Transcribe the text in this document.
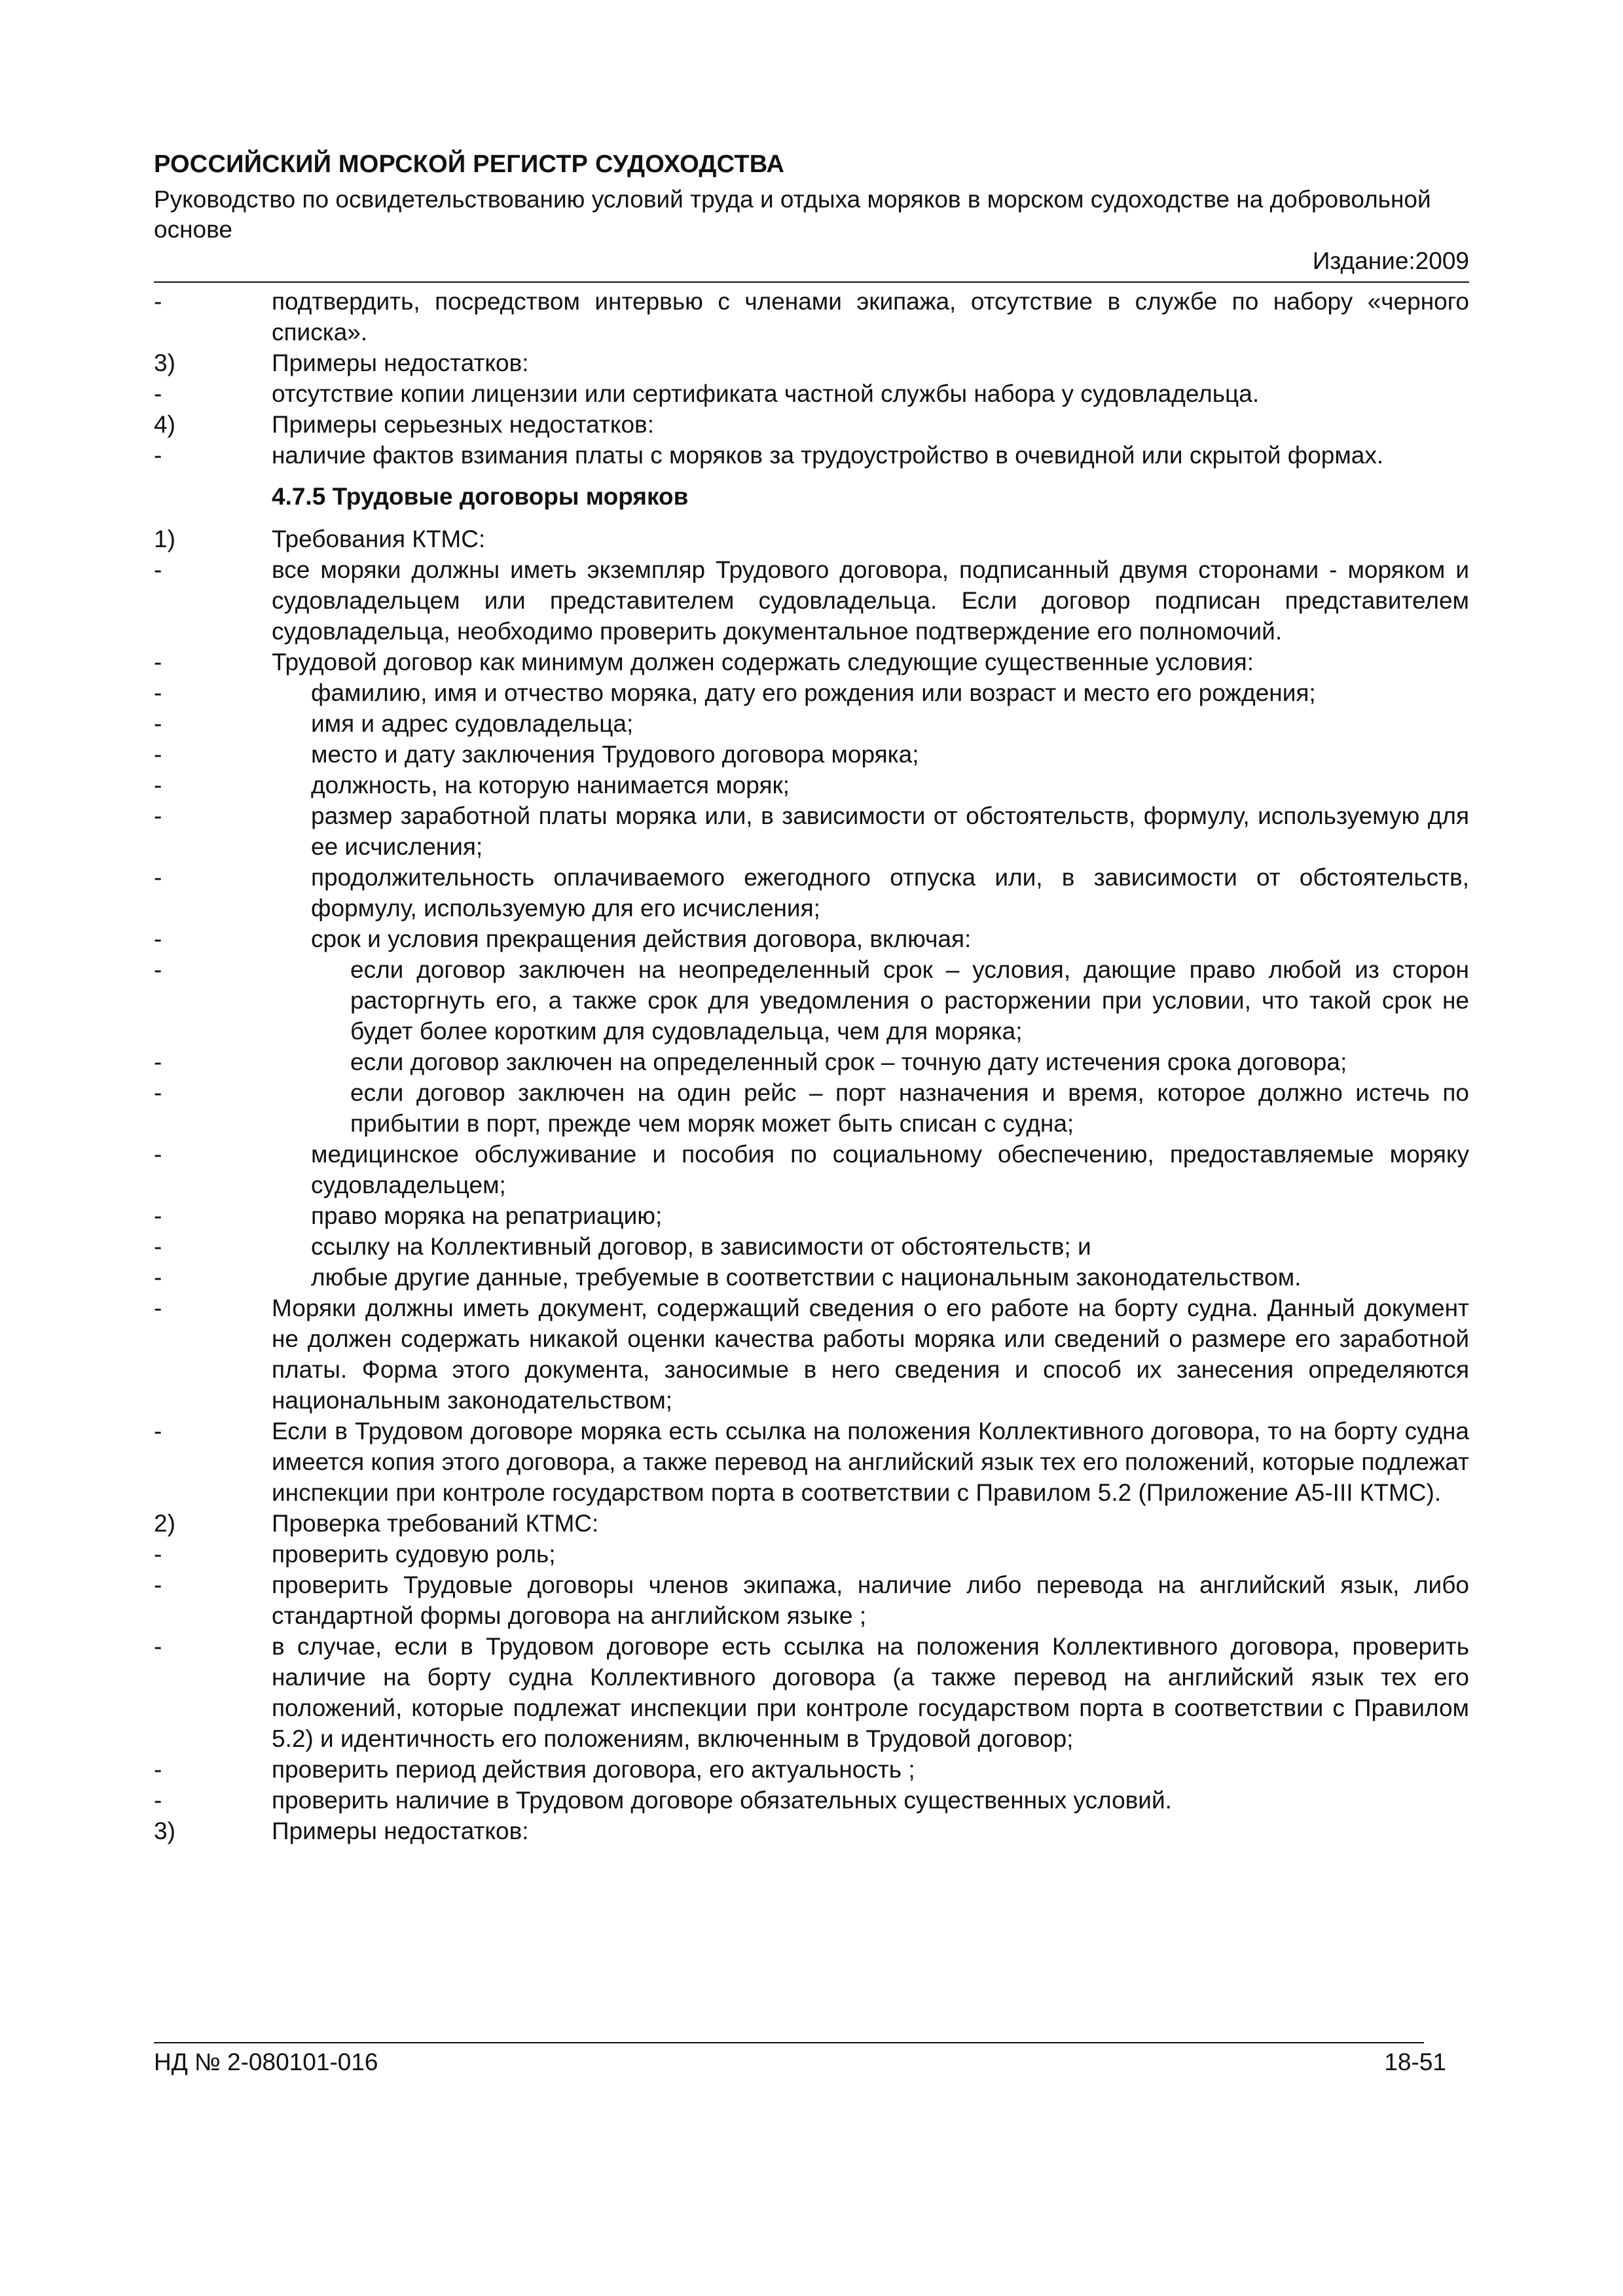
РОССИЙСКИЙ МОРСКОЙ РЕГИСТР СУДОХОДСТВА
Руководство по освидетельствованию условий труда и отдыха моряков в морском судоходстве на добровольной основе
Издание:2009
-	подтвердить, посредством интервью с членами экипажа, отсутствие в службе по набору «черного списка».
3)	Примеры недостатков:
-	отсутствие копии лицензии или сертификата частной службы набора у судовладельца.
4)	Примеры серьезных недостатков:
-	наличие фактов взимания платы с моряков за трудоустройство в очевидной или скрытой формах.
4.7.5 Трудовые договоры моряков
1)	Требования КТМС:
-	все моряки должны иметь экземпляр Трудового договора, подписанный двумя сторонами - моряком и судовладельцем или представителем судовладельца. Если договор подписан представителем судовладельца, необходимо проверить документальное подтверждение его полномочий.
-	Трудовой договор как минимум должен содержать следующие существенные условия:
-	фамилию, имя и отчество моряка, дату его рождения или возраст и место его рождения;
-	имя и адрес судовладельца;
-	место и дату заключения Трудового договора моряка;
-	должность, на которую нанимается моряк;
-	размер заработной платы моряка или, в зависимости от обстоятельств, формулу, используемую для ее исчисления;
-	продолжительность оплачиваемого ежегодного отпуска или, в зависимости от обстоятельств, формулу, используемую для его исчисления;
-	срок и условия прекращения действия договора, включая:
-	если договор заключен на неопределенный срок – условия, дающие право любой из сторон расторгнуть его, а также срок для уведомления о расторжении при условии, что такой срок не будет более коротким для судовладельца, чем для моряка;
-	если договор заключен на определенный срок – точную дату истечения срока договора;
-	если договор заключен на один рейс – порт назначения и время, которое должно истечь по прибытии в порт, прежде чем моряк может быть списан с судна;
-	медицинское обслуживание и пособия по социальному обеспечению, предоставляемые моряку судовладельцем;
-	право моряка на репатриацию;
-	ссылку на Коллективный договор, в зависимости от обстоятельств; и
-	любые другие данные, требуемые в соответствии с национальным законодательством.
-	Моряки должны иметь документ, содержащий сведения о его работе на борту судна. Данный документ не должен содержать никакой оценки качества работы моряка или сведений о размере его заработной платы. Форма этого документа, заносимые в него сведения и способ их занесения определяются национальным законодательством;
-	Если в Трудовом договоре моряка есть ссылка на положения Коллективного договора, то на борту судна имеется копия этого договора, а также перевод на английский язык тех его положений, которые подлежат инспекции при контроле государством порта в соответствии с Правилом 5.2 (Приложение А5-III КТМС).
2)	Проверка требований КТМС:
-	проверить судовую роль;
-	проверить Трудовые договоры членов экипажа, наличие либо перевода на английский язык, либо стандартной формы договора на английском языке ;
-	в случае, если в Трудовом договоре есть ссылка на положения Коллективного договора, проверить наличие на борту судна Коллективного договора (а также перевод на английский язык тех его положений, которые подлежат инспекции при контроле государством порта в соответствии с Правилом 5.2) и идентичность его положениям, включенным в Трудовой договор;
-	проверить период действия договора, его актуальность ;
-	проверить наличие в Трудовом договоре обязательных существенных условий.
3)	Примеры недостатков:
НД № 2-080101-016	18-51
